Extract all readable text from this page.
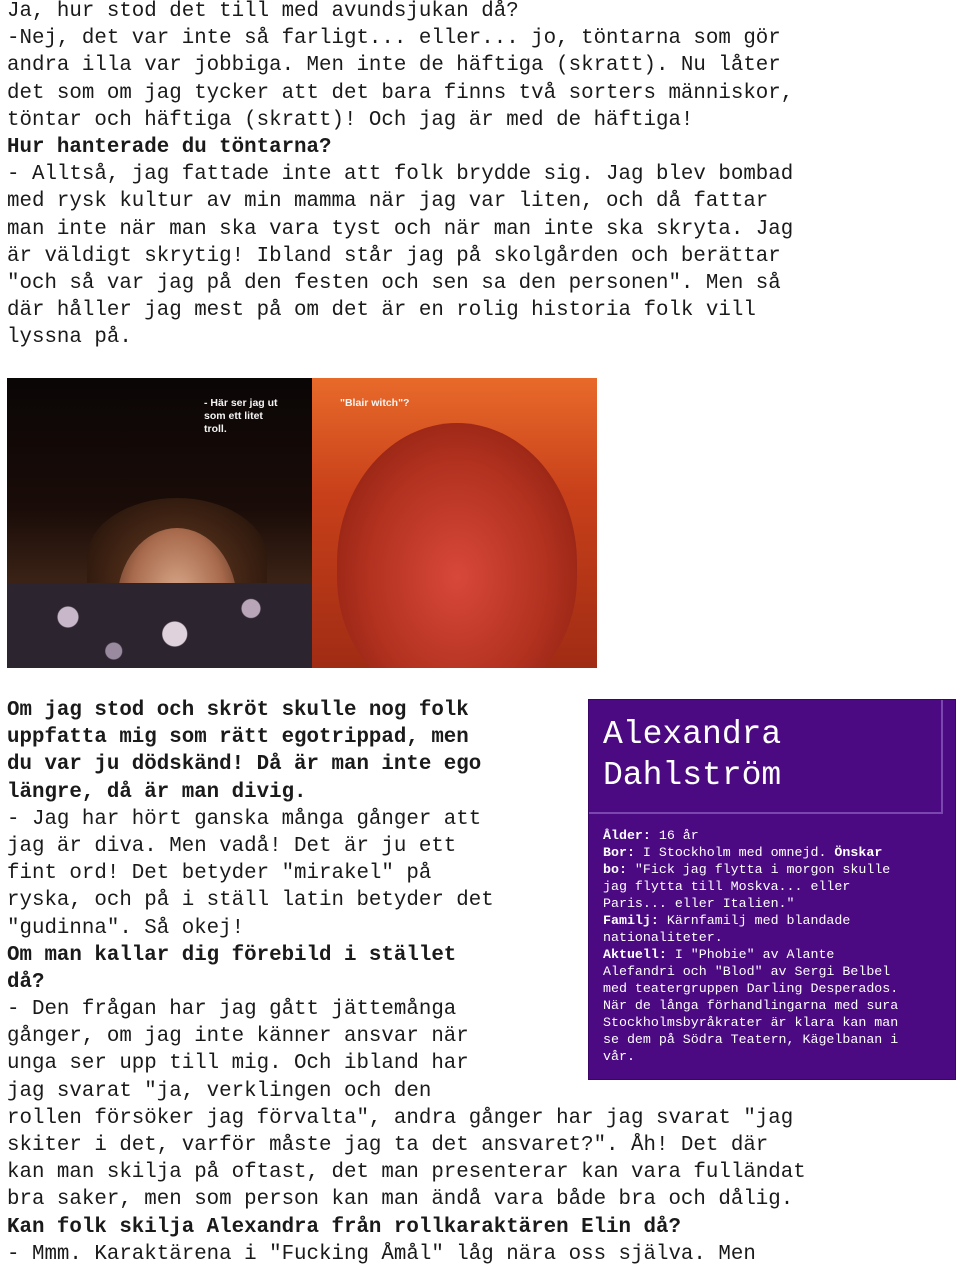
Ja, hur stod det till med avundsjukan då?
-Nej, det var inte så farligt... eller... jo, töntarna som gör
andra illa var jobbiga. Men inte de häftiga (skratt). Nu låter
det som om jag tycker att det bara finns två sorters människor,
töntar och häftiga (skratt)! Och jag är med de häftiga!
Hur hanterade du töntarna?
- Alltså, jag fattade inte att folk brydde sig. Jag blev bombad
med rysk kultur av min mamma när jag var liten, och då fattar
man inte när man ska vara tyst och när man inte ska skryta. Jag
är väldigt skrytig! Ibland står jag på skolgården och berättar
"och så var jag på den festen och sen sa den personen". Men så
där håller jag mest på om det är en rolig historia folk vill
lyssna på.
- Här ser jag ut
som ett litet
troll.
"Blair witch"?
Om jag stod och skröt skulle nog folk
uppfatta mig som rätt egotrippad, men
du var ju dödskänd! Då är man inte ego
längre, då är man divig.
- Jag har hört ganska många gånger att
jag är diva. Men vadå! Det är ju ett
fint ord! Det betyder "mirakel" på
ryska, och på i ställ latin betyder det
"gudinna". Så okej!
Om man kallar dig förebild i stället
då?
- Den frågan har jag gått jättemånga
gånger, om jag inte känner ansvar när
unga ser upp till mig. Och ibland har
jag svarat "ja, verklingen och den
rollen försöker jag förvalta", andra gånger har jag svarat "jag
skiter i det, varför måste jag ta det ansvaret?". Åh! Det där
kan man skilja på oftast, det man presenterar kan vara fulländat
bra saker, men som person kan man ändå vara både bra och dålig.
Kan folk skilja Alexandra från rollkaraktären Elin då?
- Mmm. Karaktärena i "Fucking Åmål" låg nära oss själva. Men
Alexandra
Dahlström
Ålder: 16 år
Bor: I Stockholm med omnejd. Önskar
bo: "Fick jag flytta i morgon skulle
jag flytta till Moskva... eller
Paris... eller Italien."
Familj: Kärnfamilj med blandade
nationaliteter.
Aktuell: I "Phobie" av Alante
Alefandri och "Blod" av Sergi Belbel
med teatergruppen Darling Desperados.
När de långa förhandlingarna med sura
Stockholmsbyråkrater är klara kan man
se dem på Södra Teatern, Kägelbanan i
vår.
